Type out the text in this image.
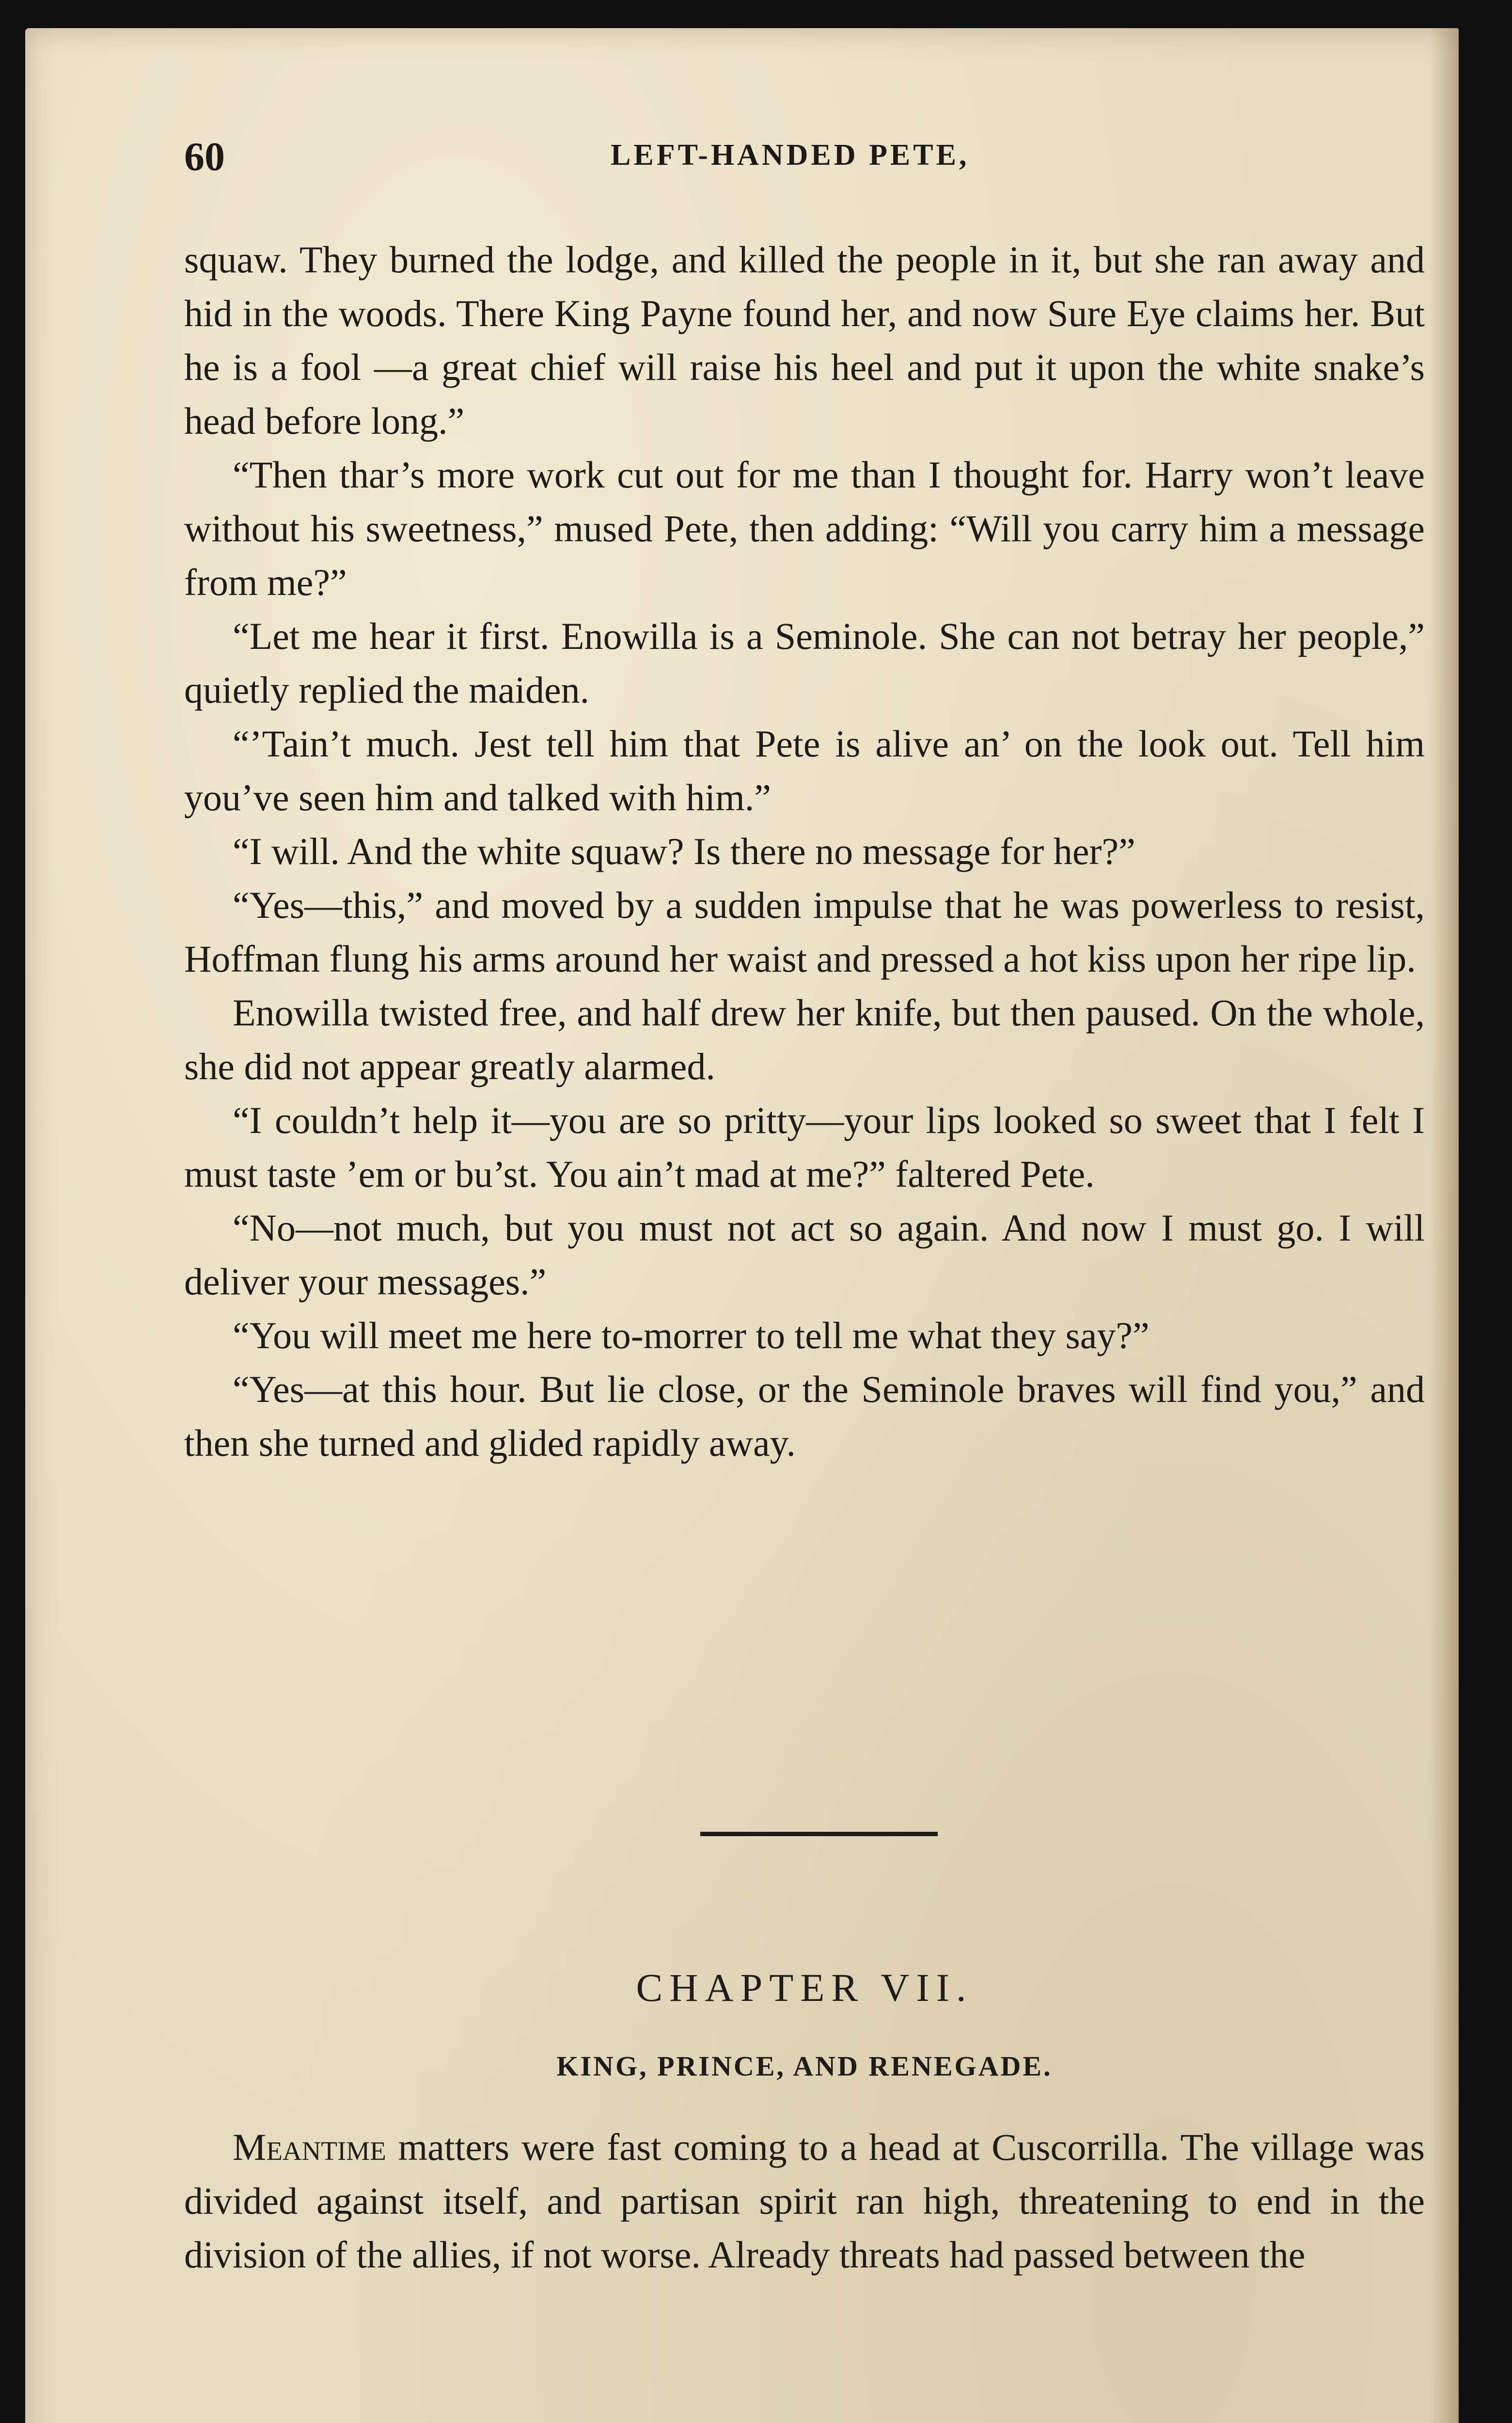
60	LEFT-HANDED PETE,

squaw. They burned the lodge, and killed the people in it, but she ran away and hid in the woods. There King Payne found her, and now Sure Eye claims her. But he is a fool —a great chief will raise his heel and put it upon the white snake’s head before long.”

“Then thar’s more work cut out for me than I thought for. Harry won’t leave without his sweetness,” mused Pete, then adding: “Will you carry him a message from me?”

“Let me hear it first. Enowilla is a Seminole. She can not betray her people,” quietly replied the maiden.

“’Tain’t much. Jest tell him that Pete is alive an’ on the look out. Tell him you’ve seen him and talked with him.”

“I will. And the white squaw? Is there no message for her?”

“Yes—this,” and moved by a sudden impulse that he was powerless to resist, Hoffman flung his arms around her waist and pressed a hot kiss upon her ripe lip.

Enowilla twisted free, and half drew her knife, but then paused. On the whole, she did not appear greatly alarmed.

“I couldn’t help it—you are so pritty—your lips looked so sweet that I felt I must taste ’em or bu’st. You ain’t mad at me?” faltered Pete.

“No—not much, but you must not act so again. And now I must go. I will deliver your messages.”

“You will meet me here to-morrer to tell me what they say?”

“Yes—at this hour. But lie close, or the Seminole braves will find you,” and then she turned and glided rapidly away.

CHAPTER VII.
KING, PRINCE, AND RENEGADE.

Meantime matters were fast coming to a head at Cuscorrilla. The village was divided against itself, and partisan spirit ran high, threatening to end in the division of the allies, if not worse. Already threats had passed between the
